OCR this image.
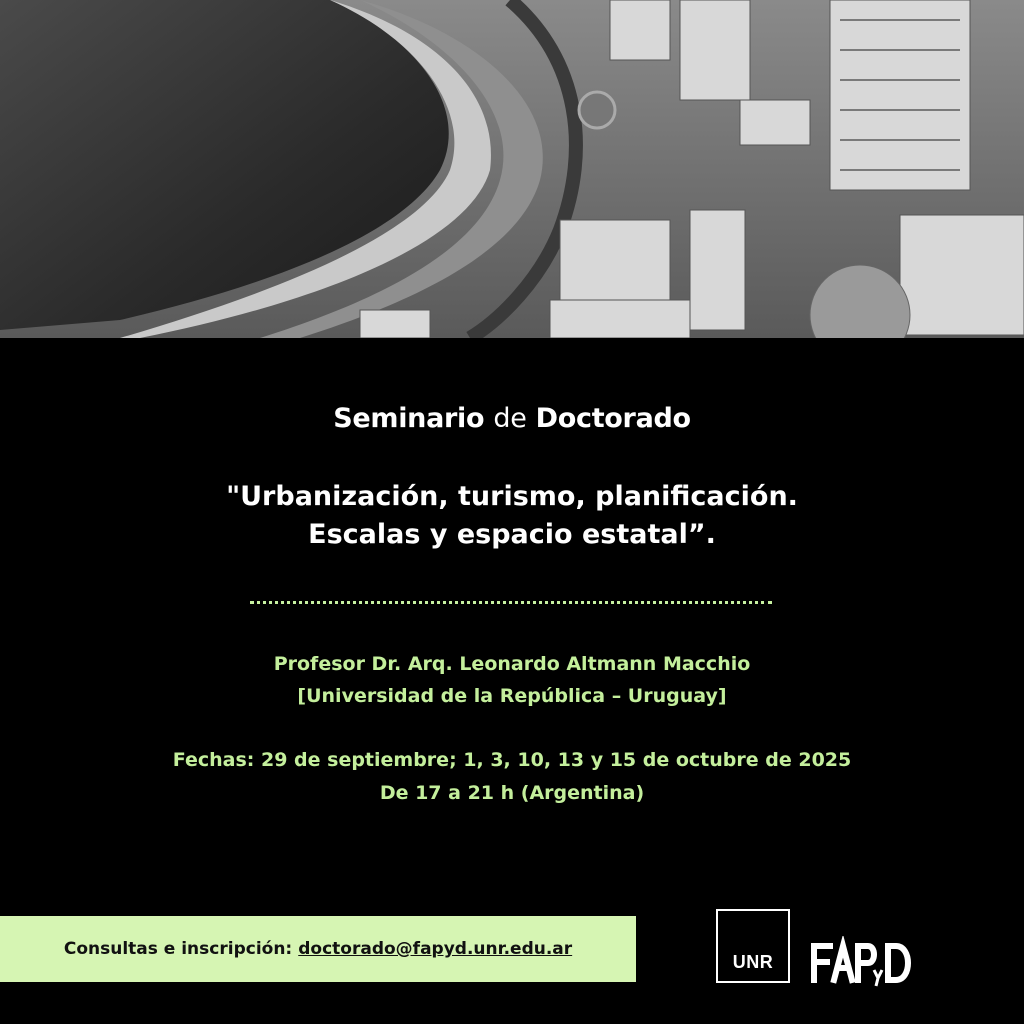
Seminario de Doctorado
"Urbanización, turismo, planificación.
Escalas y espacio estatal”.
Profesor Dr. Arq. Leonardo Altmann Macchio
[Universidad de la República – Uruguay]
Fechas: 29 de septiembre; 1, 3, 10, 13 y 15 de octubre de 2025
De 17 a 21 h (Argentina)
Consultas e inscripción: doctorado@fapyd.unr.edu.ar
UNR
